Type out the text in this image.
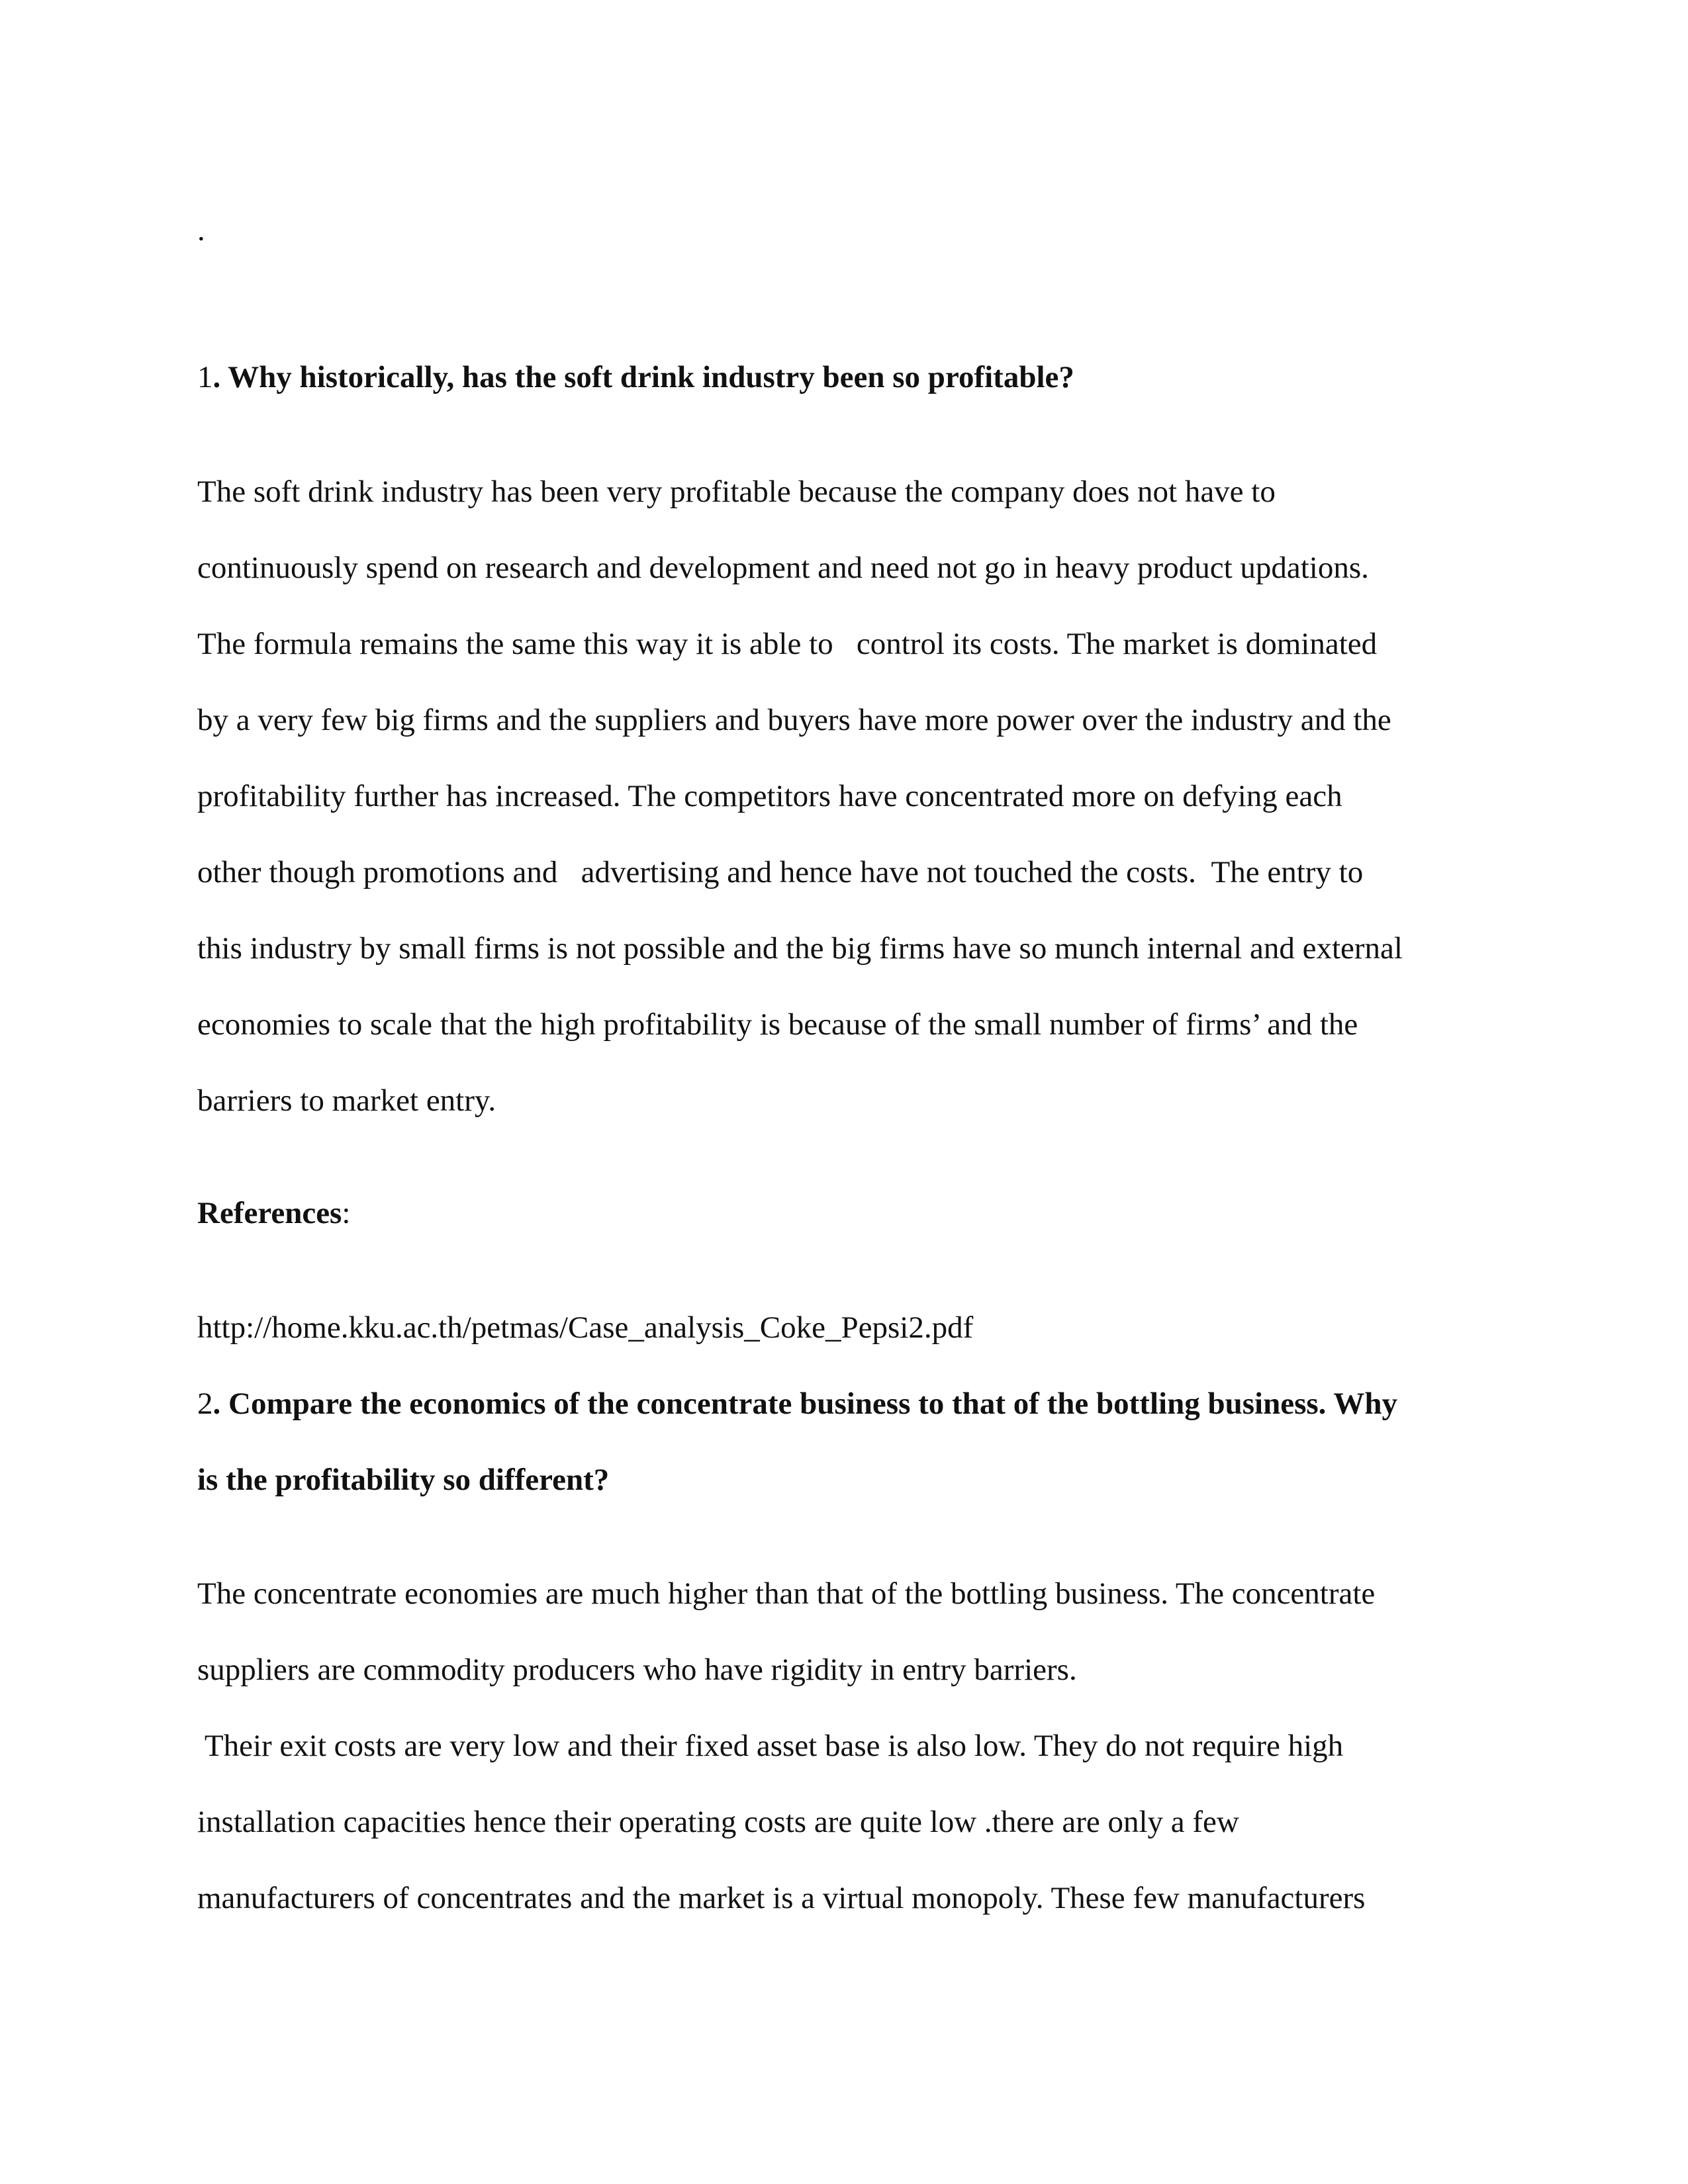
.

1. Why historically, has the soft drink industry been so profitable?

The soft drink industry has been very profitable because the company does not have to

continuously spend on research and development and need not go in heavy product updations.

The formula remains the same this way it is able to   control its costs. The market is dominated

by a very few big firms and the suppliers and buyers have more power over the industry and the

profitability further has increased. The competitors have concentrated more on defying each

other though promotions and   advertising and hence have not touched the costs.  The entry to

this industry by small firms is not possible and the big firms have so munch internal and external

economies to scale that the high profitability is because of the small number of firms’ and the

barriers to market entry.

References:

http://home.kku.ac.th/petmas/Case_analysis_Coke_Pepsi2.pdf

2. Compare the economics of the concentrate business to that of the bottling business. Why

is the profitability so different?

The concentrate economies are much higher than that of the bottling business. The concentrate

suppliers are commodity producers who have rigidity in entry barriers.

Their exit costs are very low and their fixed asset base is also low. They do not require high

installation capacities hence their operating costs are quite low .there are only a few

manufacturers of concentrates and the market is a virtual monopoly. These few manufacturers
